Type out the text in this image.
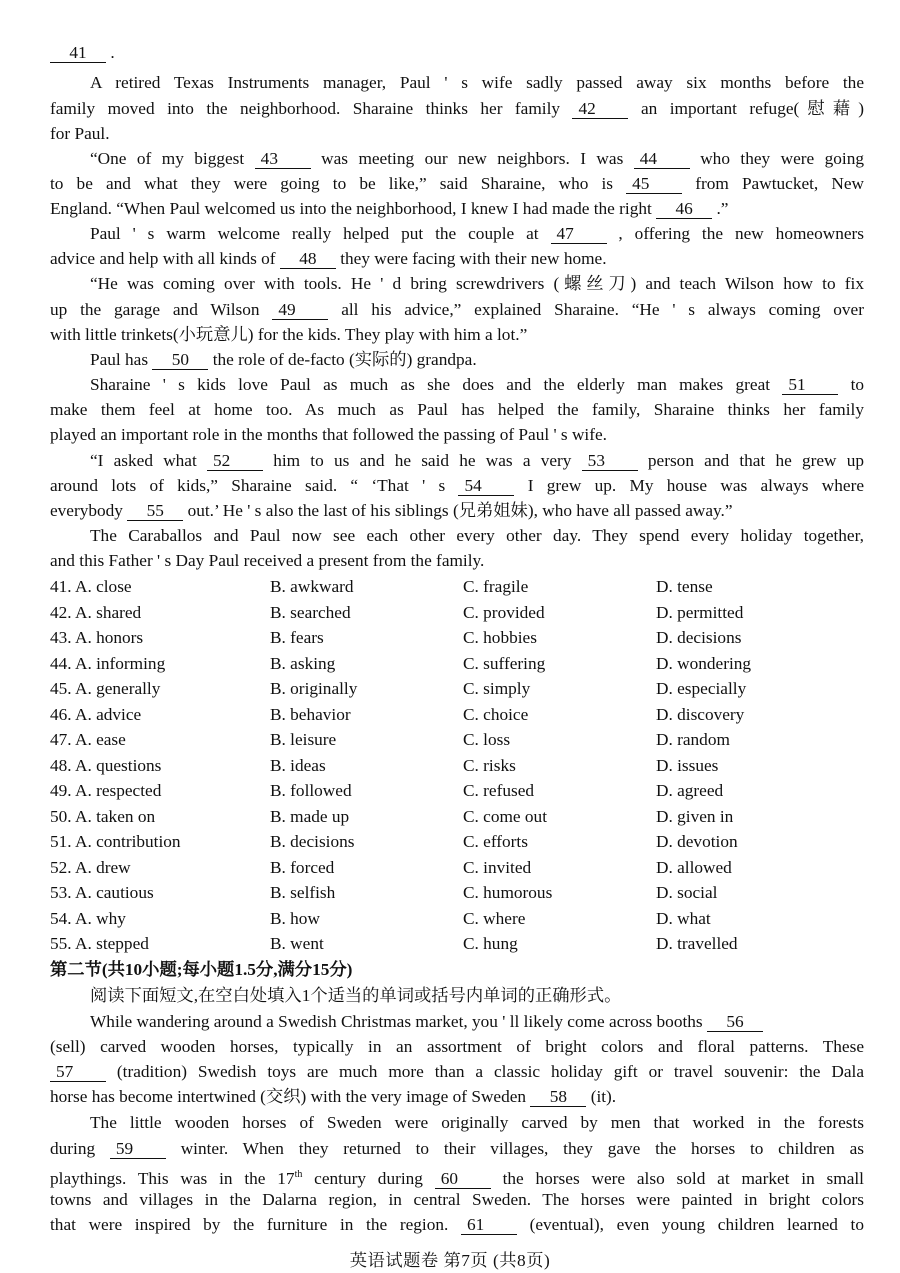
41 .

A retired Texas Instruments manager, Paul ' s wife sadly passed away six months before the

family moved into the neighborhood. Sharaine thinks her family 42 an important refuge(慰藉)

for Paul.

“One of my biggest 43 was meeting our new neighbors. I was 44 who they were going

to be and what they were going to be like,” said Sharaine, who is 45 from Pawtucket, New

England. “When Paul welcomed us into the neighborhood, I knew I had made the right 46 .”

Paul ' s warm welcome really helped put the couple at 47 , offering the new homeowners

advice and help with all kinds of 48 they were facing with their new home.

“He was coming over with tools. He ' d bring screwdrivers (螺丝刀) and teach Wilson how to fix

up the garage and Wilson 49 all his advice,” explained Sharaine. “He ' s always coming over

with little trinkets(小玩意儿) for the kids. They play with him a lot.”

Paul has 50 the role of de-facto (实际的) grandpa.

Sharaine ' s kids love Paul as much as she does and the elderly man makes great 51 to

make them feel at home too. As much as Paul has helped the family, Sharaine thinks her family

played an important role in the months that followed the passing of Paul ' s wife.

“I asked what 52 him to us and he said he was a very 53 person and that he grew up

around lots of kids,” Sharaine said. “ ‘That ' s 54 I grew up. My house was always where

everybody 55 out.’ He ' s also the last of his siblings (兄弟姐妹), who have all passed away.”

The Caraballos and Paul now see each other every other day. They spend every holiday together,

and this Father ' s Day Paul received a present from the family.

41. A. close	B. awkward	C. fragile	D. tense
42. A. shared	B. searched	C. provided	D. permitted
43. A. honors	B. fears	C. hobbies	D. decisions
44. A. informing	B. asking	C. suffering	D. wondering
45. A. generally	B. originally	C. simply	D. especially
46. A. advice	B. behavior	C. choice	D. discovery
47. A. ease	B. leisure	C. loss	D. random
48. A. questions	B. ideas	C. risks	D. issues
49. A. respected	B. followed	C. refused	D. agreed
50. A. taken on	B. made up	C. come out	D. given in
51. A. contribution	B. decisions	C. efforts	D. devotion
52. A. drew	B. forced	C. invited	D. allowed
53. A. cautious	B. selfish	C. humorous	D. social
54. A. why	B. how	C. where	D. what
55. A. stepped	B. went	C. hung	D. travelled

第二节(共10小题;每小题1.5分,满分15分)

阅读下面短文,在空白处填入1个适当的单词或括号内单词的正确形式。

While wandering around a Swedish Christmas market, you ' ll likely come across booths 56

(sell) carved wooden horses, typically in an assortment of bright colors and floral patterns. These

57 (tradition) Swedish toys are much more than a classic holiday gift or travel souvenir: the Dala

horse has become intertwined (交织) with the very image of Sweden 58 (it).

The little wooden horses of Sweden were originally carved by men that worked in the forests

during 59 winter. When they returned to their villages, they gave the horses to children as

playthings. This was in the 17th century during 60 the horses were also sold at market in small

towns and villages in the Dalarna region, in central Sweden. The horses were painted in bright colors

that were inspired by the furniture in the region. 61 (eventual), even young children learned to

英语试题卷 第7页 (共8页)
